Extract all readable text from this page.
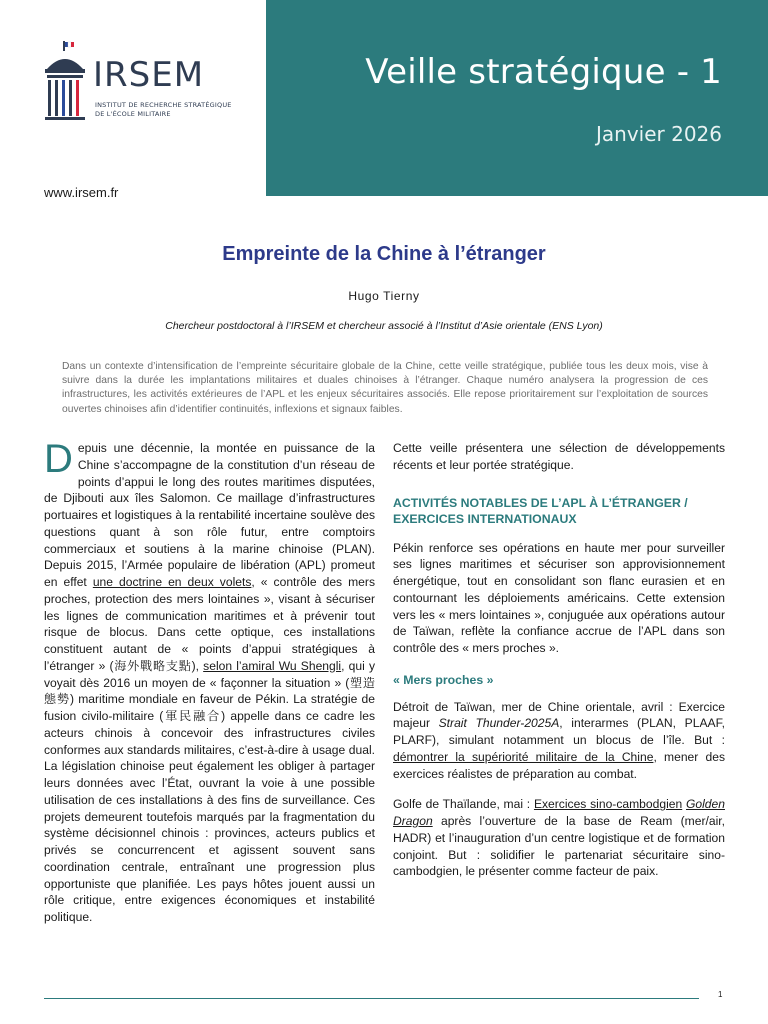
Veille stratégique - 1
Janvier 2026
IRSEM
INSTITUT DE RECHERCHE STRATÉGIQUE
DE L'ÉCOLE MILITAIRE
www.irsem.fr
Empreinte de la Chine à l’étranger
Hugo Tierny
Chercheur postdoctoral à l’IRSEM et chercheur associé à l’Institut d’Asie orientale (ENS Lyon)
Dans un contexte d’intensification de l’empreinte sécuritaire globale de la Chine, cette veille stratégique, publiée tous les deux mois, vise à suivre dans la durée les implantations militaires et duales chinoises à l’étranger. Chaque numéro analysera la progression de ces infrastructures, les activités extérieures de l’APL et les enjeux sécuritaires associés. Elle repose prioritairement sur l’exploitation de sources ouvertes chinoises afin d’identifier continuités, inflexions et signaux faibles.
Depuis une décennie, la montée en puissance de la Chine s’accompagne de la constitution d’un réseau de points d’appui le long des routes maritimes disputées, de Djibouti aux îles Salomon. Ce maillage d’infrastructures portuaires et logistiques à la rentabilité incertaine soulève des questions quant à son rôle futur, entre comptoirs commerciaux et soutiens à la marine chinoise (PLAN). Depuis 2015, l’Armée populaire de libération (APL) promeut en effet une doctrine en deux volets, « contrôle des mers proches, protection des mers lointaines », visant à sécuriser les lignes de communication maritimes et à prévenir tout risque de blocus. Dans cette optique, ces installations constituent autant de « points d’appui stratégiques à l’étranger » (海外戰略支點), selon l’amiral Wu Shengli, qui y voyait dès 2016 un moyen de « façonner la situation » (塑造態勢) maritime mondiale en faveur de Pékin. La stratégie de fusion civilo-militaire (軍民融合) appelle dans ce cadre les acteurs chinois à concevoir des infrastructures civiles conformes aux standards militaires, c’est-à-dire à usage dual. La législation chinoise peut également les obliger à partager leurs données avec l’État, ouvrant la voie à une possible utilisation de ces installations à des fins de surveillance. Ces projets demeurent toutefois marqués par la fragmentation du système décisionnel chinois : provinces, acteurs publics et privés se concurrencent et agissent souvent sans coordination centrale, entraînant une progression plus opportuniste que planifiée. Les pays hôtes jouent aussi un rôle critique, entre exigences économiques et instabilité politique.

Cette veille présentera une sélection de développements récents et leur portée stratégique.

ACTIVITÉS NOTABLES DE L’APL À L’ÉTRANGER / EXERCICES INTERNATIONAUX

Pékin renforce ses opérations en haute mer pour surveiller ses lignes maritimes et sécuriser son approvisionnement énergétique, tout en consolidant son flanc eurasien et en contournant les déploiements américains. Cette extension vers les « mers lointaines », conjuguée aux opérations autour de Taïwan, reflète la confiance accrue de l’APL dans son contrôle des « mers proches ».

« Mers proches »

Détroit de Taïwan, mer de Chine orientale, avril : Exercice majeur Strait Thunder-2025A, interarmes (PLAN, PLAAF, PLARF), simulant notamment un blocus de l’île. But : démontrer la supériorité militaire de la Chine, mener des exercices réalistes de préparation au combat.

Golfe de Thaïlande, mai : Exercices sino-cambodgien Golden Dragon après l’ouverture de la base de Ream (mer/air, HADR) et l’inauguration d’un centre logistique et de formation conjoint. But : solidifier le partenariat sécuritaire sino-cambodgien, le présenter comme facteur de paix.

1
